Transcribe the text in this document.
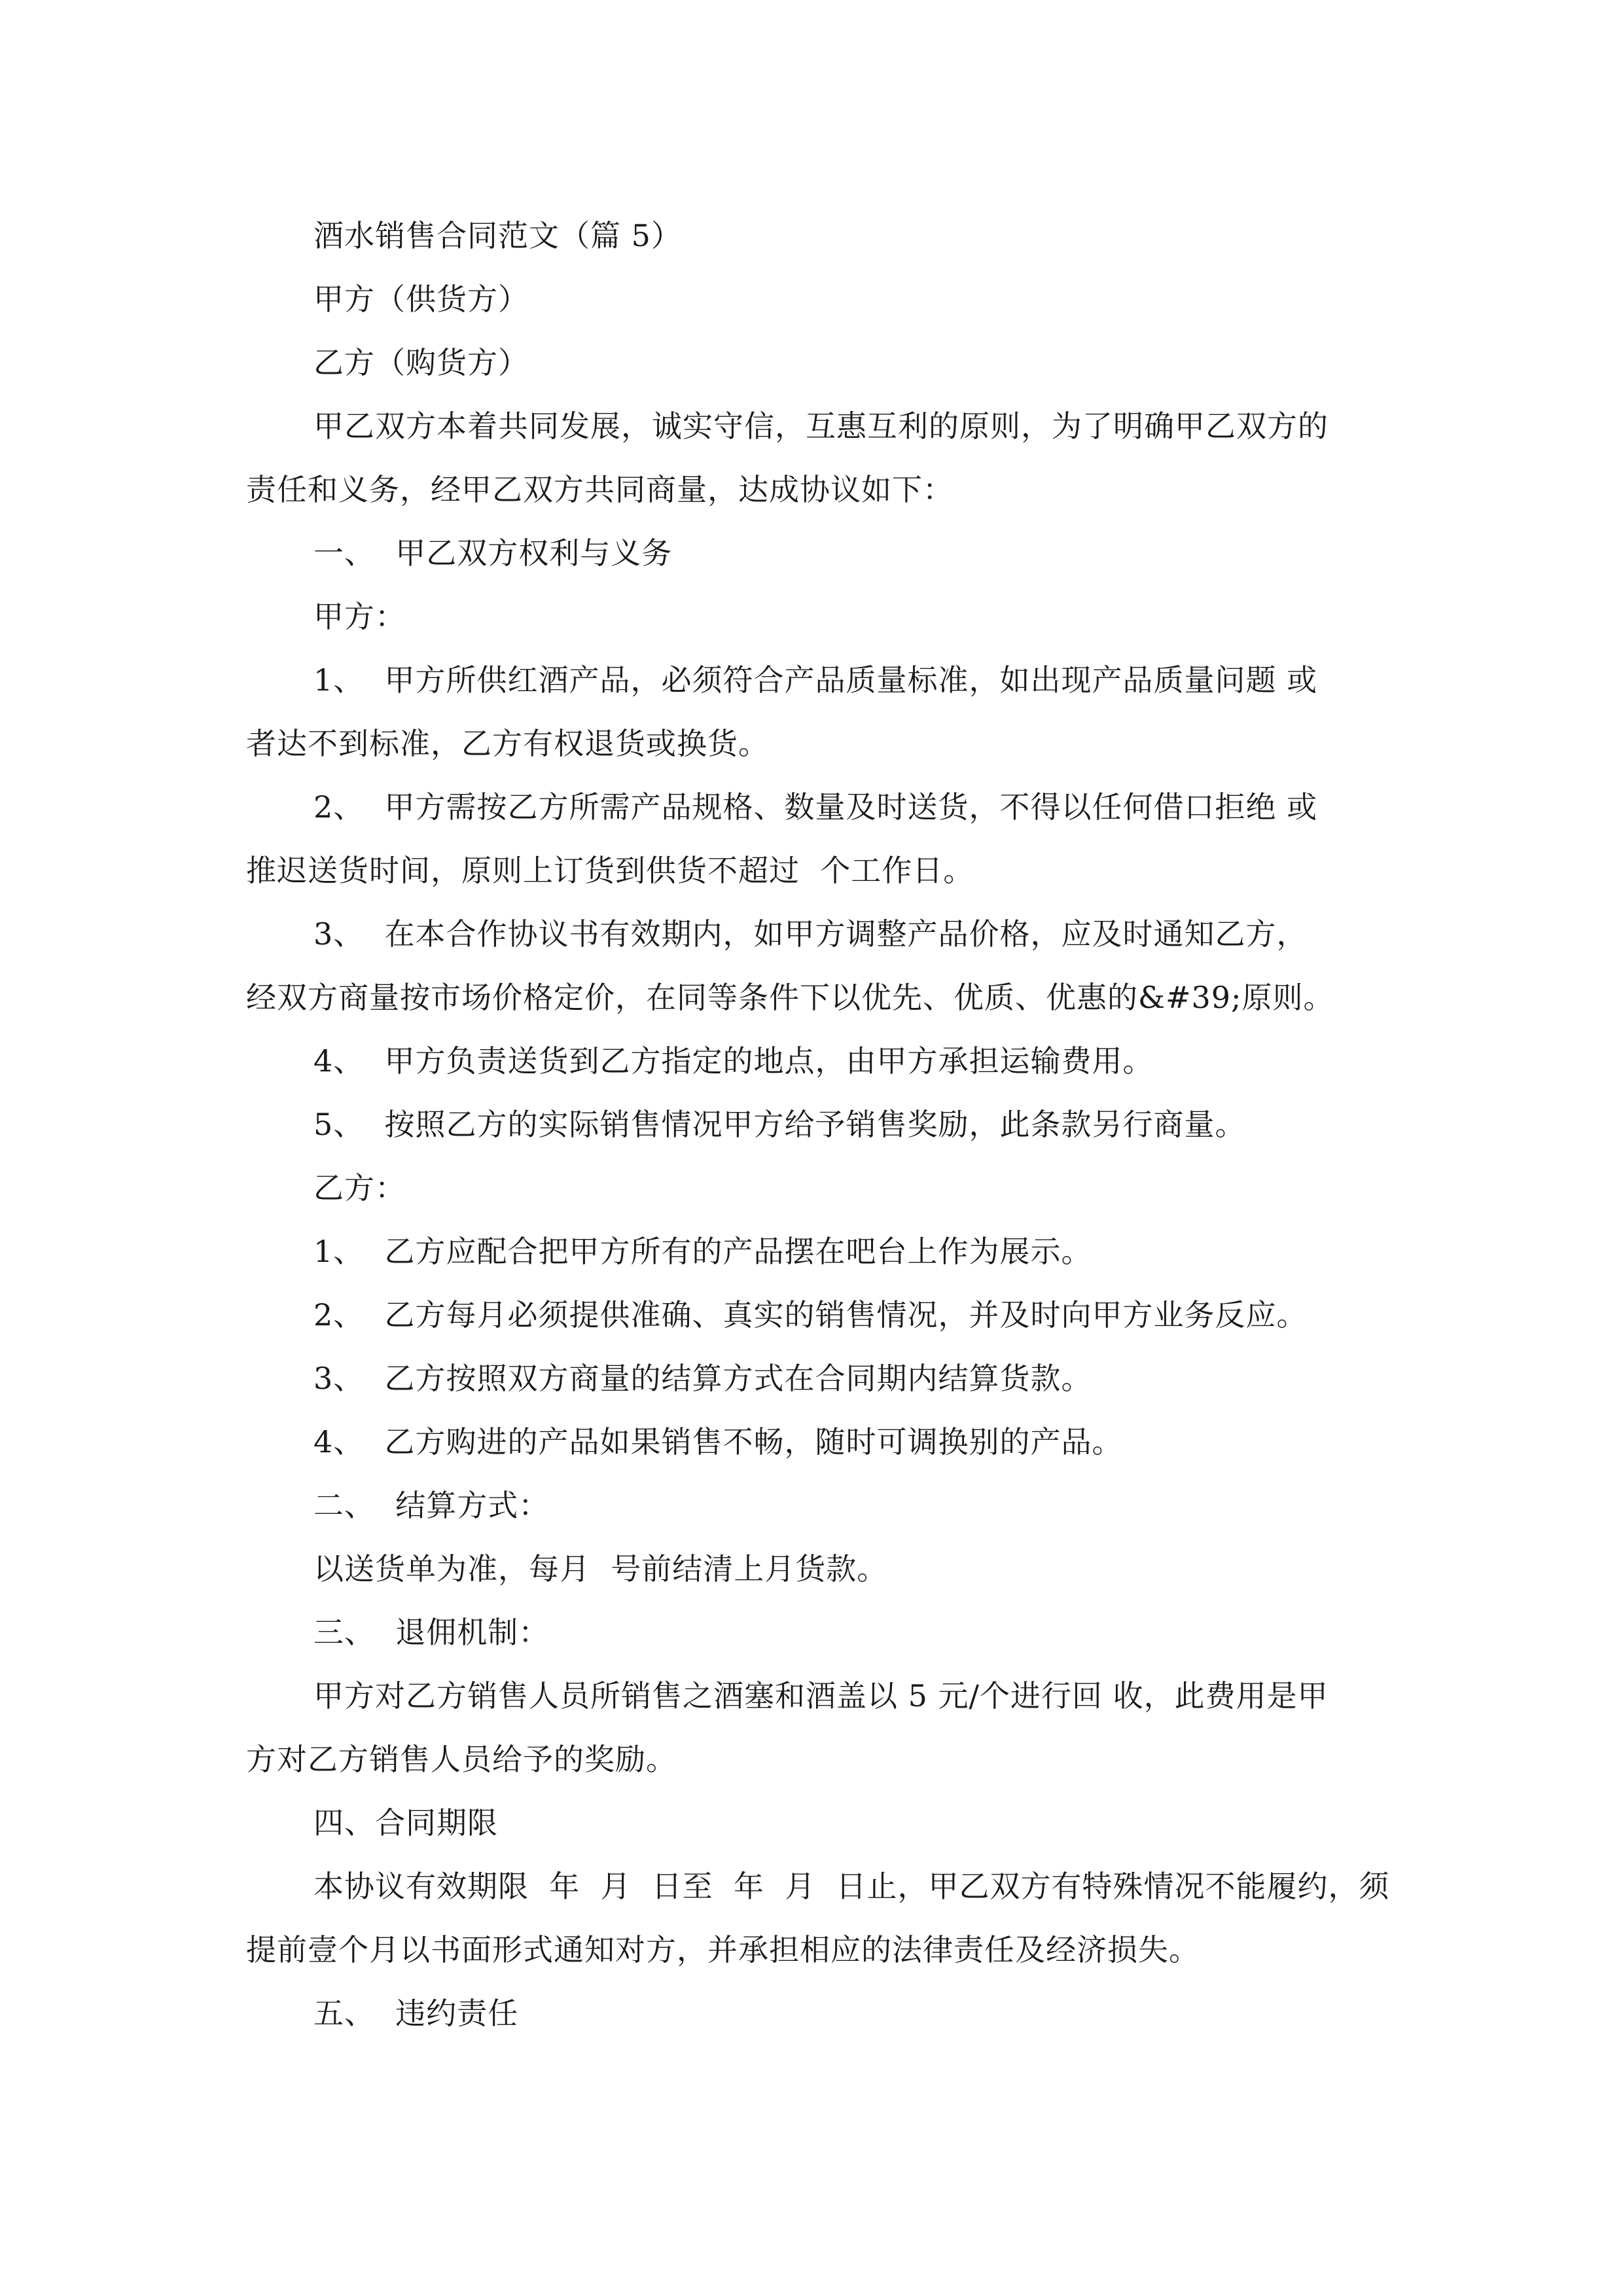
酒水销售合同范文（篇 5）

甲方（供货方）

乙方（购货方）

甲乙双方本着共同发展，诚实守信，互惠互利的原则，为了明确甲乙双方的

责任和义务，经甲乙双方共同商量，达成协议如下：

一、  甲乙双方权利与义务

甲方：

1、  甲方所供红酒产品，必须符合产品质量标准，如出现产品质量问题 或

者达不到标准，乙方有权退货或换货。

2、  甲方需按乙方所需产品规格、数量及时送货，不得以任何借口拒绝 或

推迟送货时间，原则上订货到供货不超过  个工作日。

3、  在本合作协议书有效期内，如甲方调整产品价格，应及时通知乙方，

经双方商量按市场价格定价，在同等条件下以优先、优质、优惠的&#39;原则。

4、  甲方负责送货到乙方指定的地点，由甲方承担运输费用。

5、  按照乙方的实际销售情况甲方给予销售奖励，此条款另行商量。

乙方：

1、  乙方应配合把甲方所有的产品摆在吧台上作为展示。

2、  乙方每月必须提供准确、真实的销售情况，并及时向甲方业务反应。

3、  乙方按照双方商量的结算方式在合同期内结算货款。

4、  乙方购进的产品如果销售不畅，随时可调换别的产品。

二、  结算方式：

以送货单为准，每月  号前结清上月货款。

三、  退佣机制：

甲方对乙方销售人员所销售之酒塞和酒盖以 5 元/个进行回 收，此费用是甲

方对乙方销售人员给予的奖励。

四、合同期限

本协议有效期限  年  月  日至  年  月  日止，甲乙双方有特殊情况不能履约，须

提前壹个月以书面形式通知对方，并承担相应的法律责任及经济损失。

五、  违约责任
